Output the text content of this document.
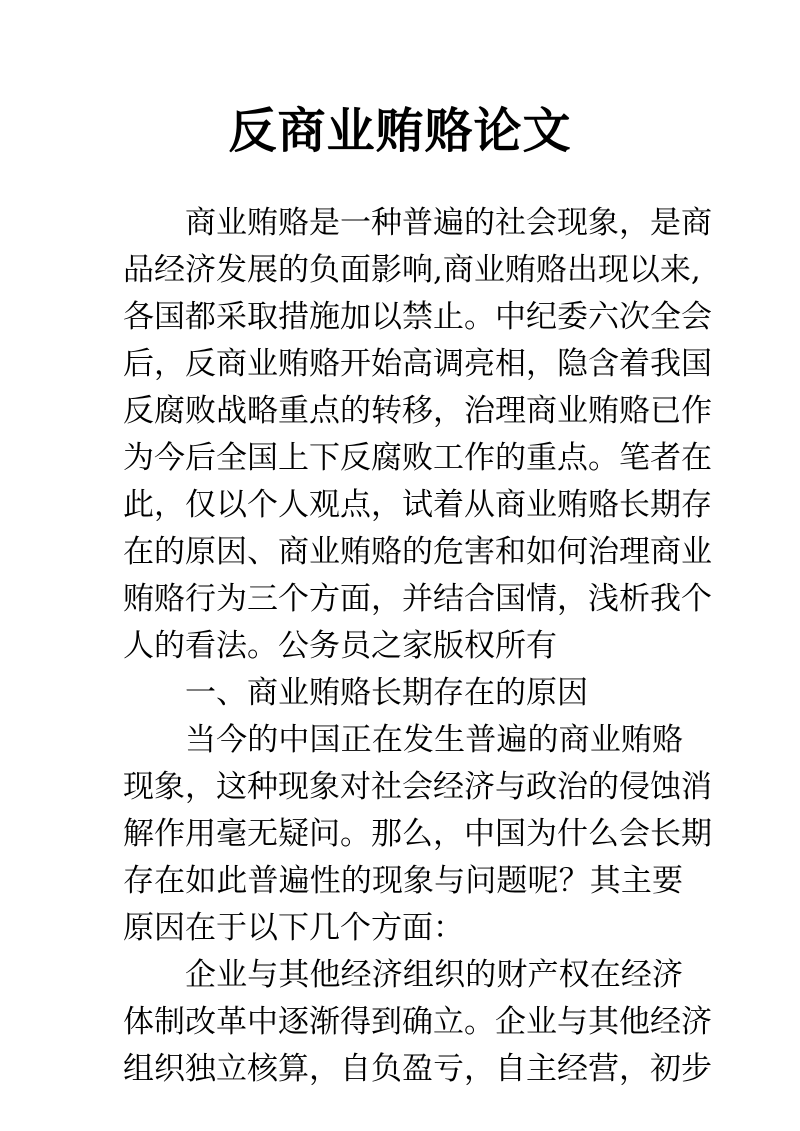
反商业贿赂论文
商业贿赂是一种普遍的社会现象，是商
品经济发展的负面影响,商业贿赂出现以来,
各国都采取措施加以禁止。中纪委六次全会
后，反商业贿赂开始高调亮相，隐含着我国
反腐败战略重点的转移，治理商业贿赂已作
为今后全国上下反腐败工作的重点。笔者在
此，仅以个人观点，试着从商业贿赂长期存
在的原因、商业贿赂的危害和如何治理商业
贿赂行为三个方面，并结合国情，浅析我个
人的看法。公务员之家版权所有
一、商业贿赂长期存在的原因
当今的中国正在发生普遍的商业贿赂
现象，这种现象对社会经济与政治的侵蚀消
解作用毫无疑问。那么，中国为什么会长期
存在如此普遍性的现象与问题呢？其主要
原因在于以下几个方面：
企业与其他经济组织的财产权在经济
体制改革中逐渐得到确立。企业与其他经济
组织独立核算，自负盈亏，自主经营，初步
